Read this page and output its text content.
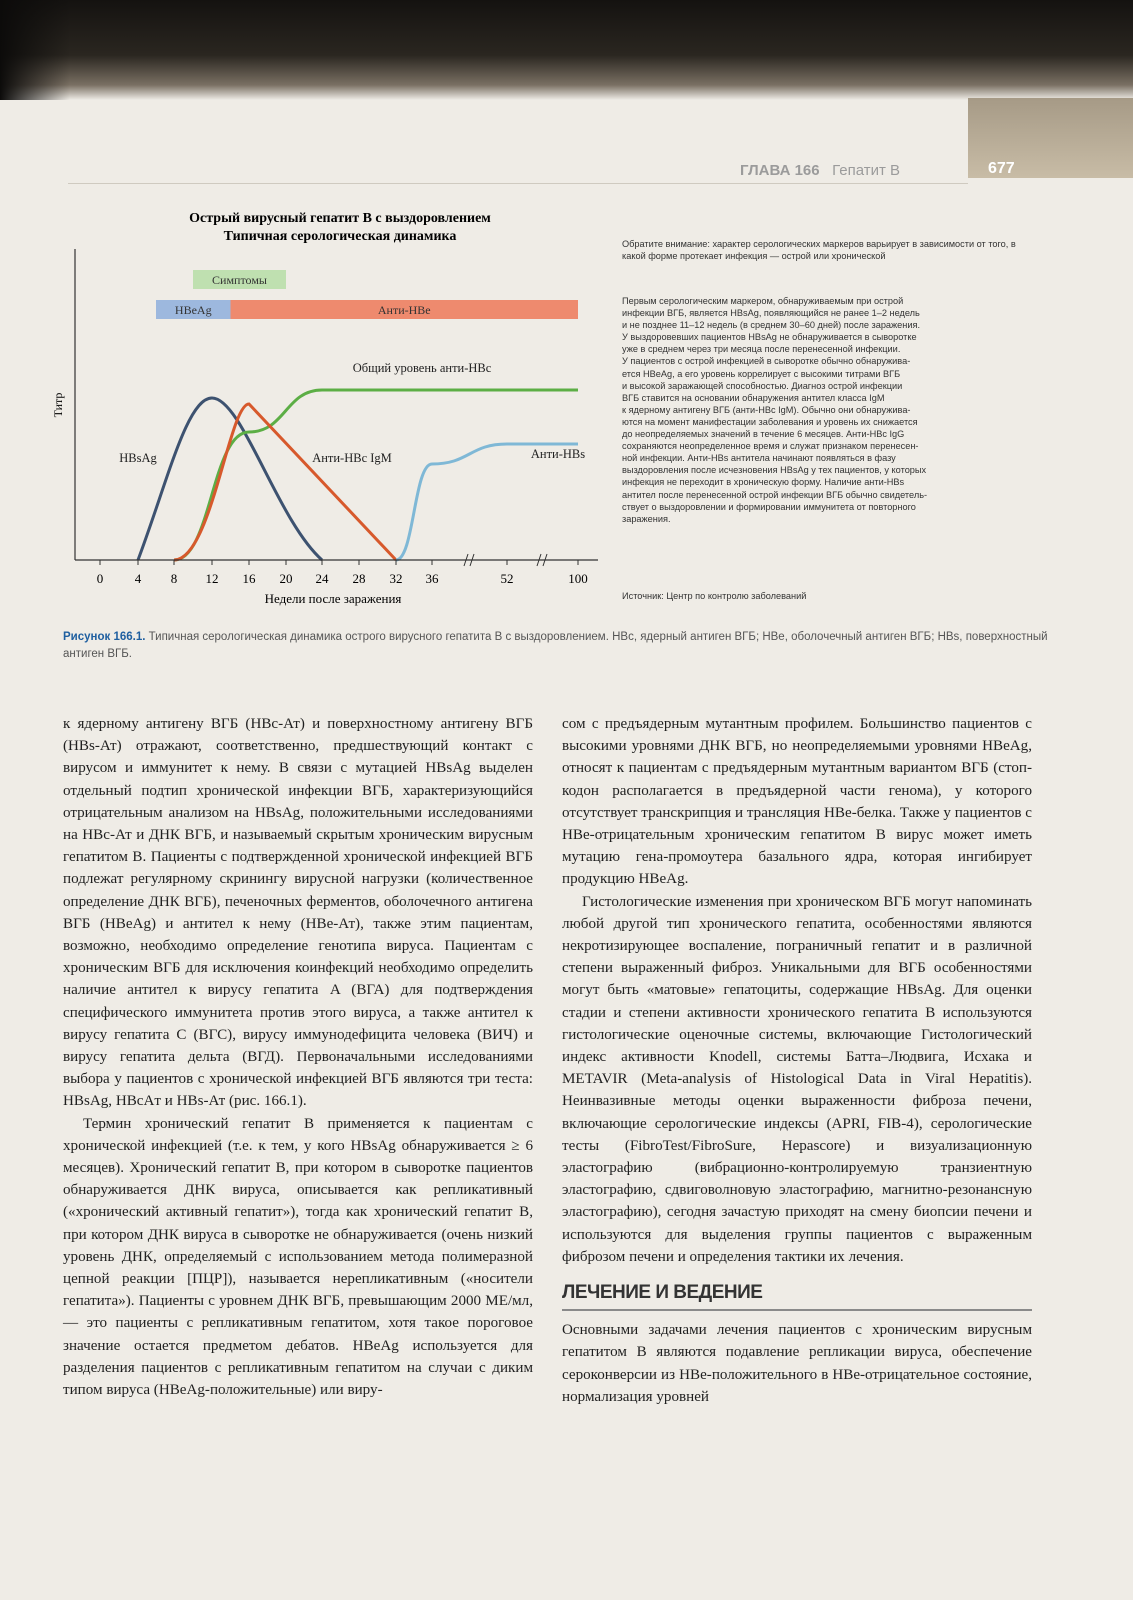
677
ГЛАВА 166 Гепатит B
Острый вирусный гепатит B с выздоровлением
Типичная серологическая динамика
Симптомы
HBeAg	Анти-HBe
Титр
0 4 8 12 16 20 24 28 32 36	52	100
Недели после заражения
HBsAg
Общий уровень анти-HBc
Анти-HBc IgM	Анти-HBs
Обратите внимание: характер серологических маркеров варьирует в зависимости от того, в какой форме протекает инфекция — острой или хронической
Первым серологическим маркером, обнаруживаемым при острой
инфекции ВГБ, является HBsAg, появляющийся не ранее 1–2 недель
и не позднее 11–12 недель (в среднем 30–60 дней) после заражения.
У выздоровевших пациентов HBsAg не обнаруживается в сыворотке
уже в среднем через три месяца после перенесенной инфекции.
У пациентов с острой инфекцией в сыворотке обычно обнаружива-
ется HBeAg, а его уровень коррелирует с высокими титрами ВГБ
и высокой заражающей способностью. Диагноз острой инфекции
ВГБ ставится на основании обнаружения антител класса IgM
к ядерному антигену ВГБ (анти-HBc IgM). Обычно они обнаружива-
ются на момент манифестации заболевания и уровень их снижается
до неопределяемых значений в течение 6 месяцев. Анти-HBc IgG
сохраняются неопределенное время и служат признаком перенесен-
ной инфекции. Анти-HBs антитела начинают появляться в фазу
выздоровления после исчезновения HBsAg у тех пациентов, у которых
инфекция не переходит в хроническую форму. Наличие анти-HBs
антител после перенесенной острой инфекции ВГБ обычно свидетель-
ствует о выздоровлении и формировании иммунитета от повторного
заражения.
Источник: Центр по контролю заболеваний
Рисунок 166.1. Типичная серологическая динамика острого вирусного гепатита B с выздоровлением. HBc, ядерный антиген ВГБ; HBe, оболочечный антиген ВГБ; HBs, поверхностный антиген ВГБ.

к ядерному антигену ВГБ (HBc-Ат) и поверхностному антигену ВГБ (HBs-Ат) отражают, соответственно, предшествующий контакт с вирусом и иммунитет к нему. В связи с мутацией HBsAg выделен отдельный подтип хронической инфекции ВГБ, характеризующийся отрицательным анализом на HBsAg, положительными исследованиями на HBc-Ат и ДНК ВГБ, и называемый скрытым хроническим вирусным гепатитом B. Пациенты с подтвержденной хронической инфекцией ВГБ подлежат регулярному скринингу вирусной нагрузки (количественное определение ДНК ВГБ), печеночных ферментов, оболочечного антигена ВГБ (HBeAg) и антител к нему (HBe-Ат), также этим пациентам, возможно, необходимо определение генотипа вируса. Пациентам с хроническим ВГБ для исключения коинфекций необходимо определить наличие антител к вирусу гепатита A (ВГА) для подтверждения специфического иммунитета против этого вируса, а также антител к вирусу гепатита C (ВГС), вирусу иммунодефицита человека (ВИЧ) и вирусу гепатита дельта (ВГД). Первоначальными исследованиями выбора у пациентов с хронической инфекцией ВГБ являются три теста: HBsAg, HBcAт и HBs-Ат (рис. 166.1).

Термин хронический гепатит B применяется к пациентам с хронической инфекцией (т.е. к тем, у кого HBsAg обнаруживается ≥ 6 месяцев). Хронический гепатит B, при котором в сыворотке пациентов обнаруживается ДНК вируса, описывается как репликативный («хронический активный гепатит»), тогда как хронический гепатит B, при котором ДНК вируса в сыворотке не обнаруживается (очень низкий уровень ДНК, определяемый с использованием метода полимеразной цепной реакции [ПЦР]), называется нерепликативным («носители гепатита»). Пациенты с уровнем ДНК ВГБ, превышающим 2000 МЕ/мл, — это пациенты с репликативным гепатитом, хотя такое пороговое значение остается предметом дебатов. HBeAg используется для разделения пациентов с репликативным гепатитом на случаи с диким типом вируса (HBeAg-положительные) или виру-

сом с предъядерным мутантным профилем. Большинство пациентов с высокими уровнями ДНК ВГБ, но неопределяемыми уровнями HBeAg, относят к пациентам с предъядерным мутантным вариантом ВГБ (стоп-кодон располагается в предъядерной части генома), у которого отсутствует транскрипция и трансляция HBe-белка. Также у пациентов с HBe-отрицательным хроническим гепатитом B вирус может иметь мутацию гена-промоутера базального ядра, которая ингибирует продукцию HBeAg.

Гистологические изменения при хроническом ВГБ могут напоминать любой другой тип хронического гепатита, особенностями являются некротизирующее воспаление, пограничный гепатит и в различной степени выраженный фиброз. Уникальными для ВГБ особенностями могут быть «матовые» гепатоциты, содержащие HBsAg. Для оценки стадии и степени активности хронического гепатита B используются гистологические оценочные системы, включающие Гистологический индекс активности Knodell, системы Батта–Людвига, Исхака и METAVIR (Meta-analysis of Histological Data in Viral Hepatitis). Неинвазивные методы оценки выраженности фиброза печени, включающие серологические индексы (APRI, FIB-4), серологические тесты (FibroTest/FibroSure, Hepascore) и визуализационную эластографию (вибрационно-контролируемую транзиентную эластографию, сдвиговолновую эластографию, магнитно-резонансную эластографию), сегодня зачастую приходят на смену биопсии печени и используются для выделения группы пациентов с выраженным фиброзом печени и определения тактики их лечения.

ЛЕЧЕНИЕ И ВЕДЕНИЕ

Основными задачами лечения пациентов с хроническим вирусным гепатитом B являются подавление репликации вируса, обеспечение сероконверсии из HBe-положительного в HBe-отрицательное состояние, нормализация уровней
